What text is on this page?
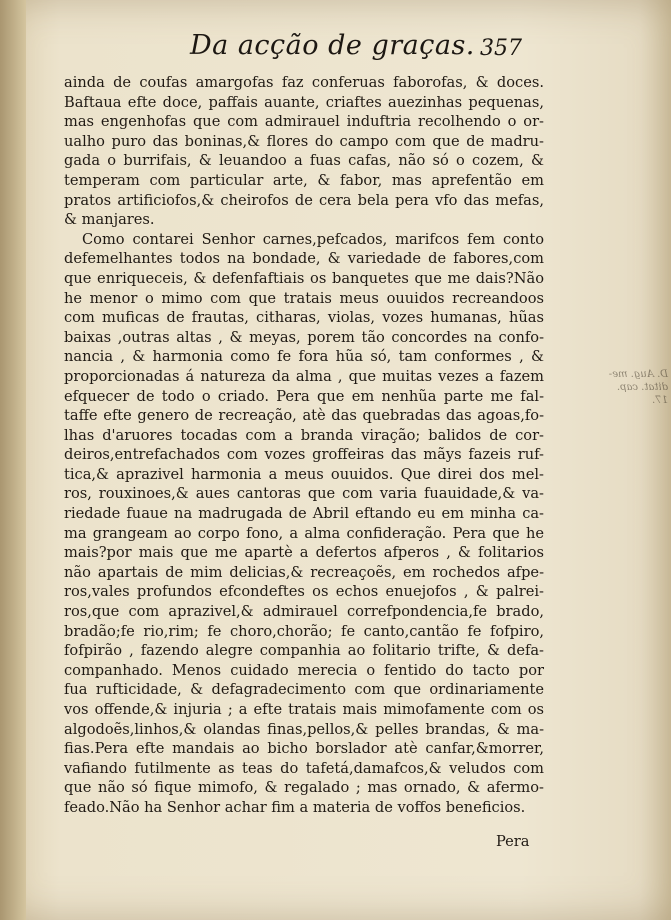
Da acção de graças. 357
ainda de coufas amargofas faz conferuas faborofas, & doces.
Baftaua efte doce, paffais auante, criaftes auezinhas pequenas,
mas engenhofas que com admirauel induftria recolhendo o or-
ualho puro das boninas,& flores do campo com que de madru-
gada o burrifais, & leuandoo a fuas cafas, não só o cozem, &
temperam com particular arte, & fabor, mas aprefentão em
pratos artificiofos,& cheirofos de cera bela pera vfo das mefas,
& manjares.
Como contarei Senhor carnes,pefcados, marifcos fem conto
defemelhantes todos na bondade, & variedade de fabores,com
que enriqueceis, & defenfaftiais os banquetes que me dais?Não
he menor o mimo com que tratais meus ouuidos recreandoos
com muficas de frautas, citharas, violas, vozes humanas, hũas
baixas ,outras altas , & meyas, porem tão concordes na confo-
nancia , & harmonia como fe fora hũa só, tam conformes , &
proporcionadas á natureza da alma , que muitas vezes a fazem
efquecer de todo o criado. Pera que em nenhũa parte me fal-
taffe efte genero de recreação, atè das quebradas das agoas,fo-
lhas d'aruores tocadas com a branda viração; balidos de cor-
deiros,entrefachados com vozes groffeiras das mãys fazeis ruf-
tica,& aprazivel harmonia a meus ouuidos. Que direi dos mel-
ros, rouxinoes,& aues cantoras que com varia fuauidade,& va-
riedade fuaue na madrugada de Abril eftando eu em minha ca-
ma grangeam ao corpo fono, a alma confideração. Pera que he
mais?por mais que me apartè a defertos afperos , & folitarios
não apartais de mim delicias,& recreaçoẽs, em rochedos afpe-
ros,vales profundos efcondeftes os echos enuejofos , & palrei-
ros,que com aprazivel,& admirauel correfpondencia,fe brado,
bradão;fe rio,rim; fe choro,chorão; fe canto,cantão fe fofpiro,
fofpirão , fazendo alegre companhia ao folitario trifte, & defa-
companhado. Menos cuidado merecia o fentido do tacto por
fua rufticidade, & defagradecimento com que ordinariamente
vos offende,& injuria ; a efte tratais mais mimofamente com os
algodoẽs,linhos,& olandas finas,pellos,& pelles brandas, & ma-
fias.Pera efte mandais ao bicho borslador atè canfar,&morrer,
vafiando futilmente as teas do tafetá,damafcos,& veludos com
que não só fique mimofo, & regalado ; mas ornado, & afermo-
feado.Não ha Senhor achar fim a materia de voffos beneficios.
D. Aug. me-ditat. cap. 17.
Pera
